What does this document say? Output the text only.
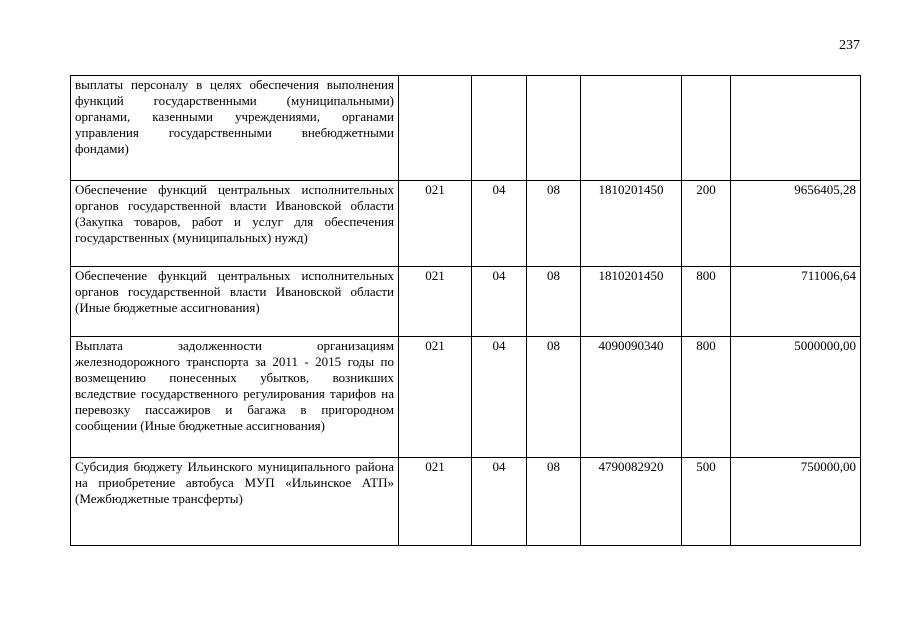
237
выплаты персоналу в целях обеспечения выполнения функций государственными (муниципальными) органами, казенными учреждениями, органами управления государственными внебюджетными фондами)						
Обеспечение функций центральных исполнительных органов государственной власти Ивановской области (Закупка товаров, работ и услуг для обеспечения государственных (муниципальных) нужд)	021	04	08	1810201450	200	9656405,28
Обеспечение функций центральных исполнительных органов государственной власти Ивановской области (Иные бюджетные ассигнования)	021	04	08	1810201450	800	711006,64
Выплата задолженности организациям железнодорожного транспорта за 2011 - 2015 годы по возмещению понесенных убытков, возникших вследствие государственного регулирования тарифов на перевозку пассажиров и багажа в пригородном сообщении (Иные бюджетные ассигнования)	021	04	08	4090090340	800	5000000,00
Субсидия бюджету Ильинского муниципального района на приобретение автобуса МУП «Ильинское АТП» (Межбюджетные трансферты)	021	04	08	4790082920	500	750000,00
